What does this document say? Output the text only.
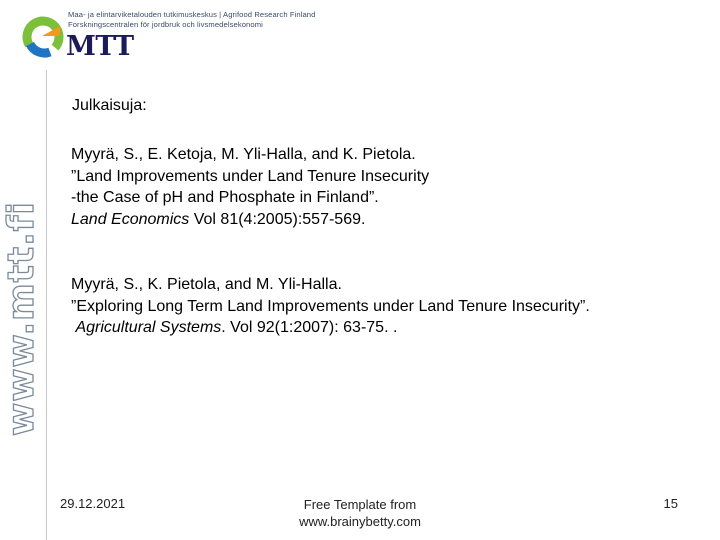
www.mtt.fi
MTT
Maa- ja elintarviketalouden tutkimuskeskus | Agrifood Research Finland
Forskningscentralen för jordbruk och livsmedelsekonomi
Julkaisuja:
Myyrä, S., E. Ketoja, M. Yli-Halla, and K. Pietola.
”Land Improvements under Land Tenure Insecurity
-the Case of pH and Phosphate in Finland”.
Land Economics Vol 81(4:2005):557-569.
Myyrä, S., K. Pietola, and M. Yli-Halla.
”Exploring Long Term Land Improvements under Land Tenure Insecurity”.
Agricultural Systems. Vol 92(1:2007): 63-75. .
29.12.2021	Free Template from
www.brainybetty.com
15
